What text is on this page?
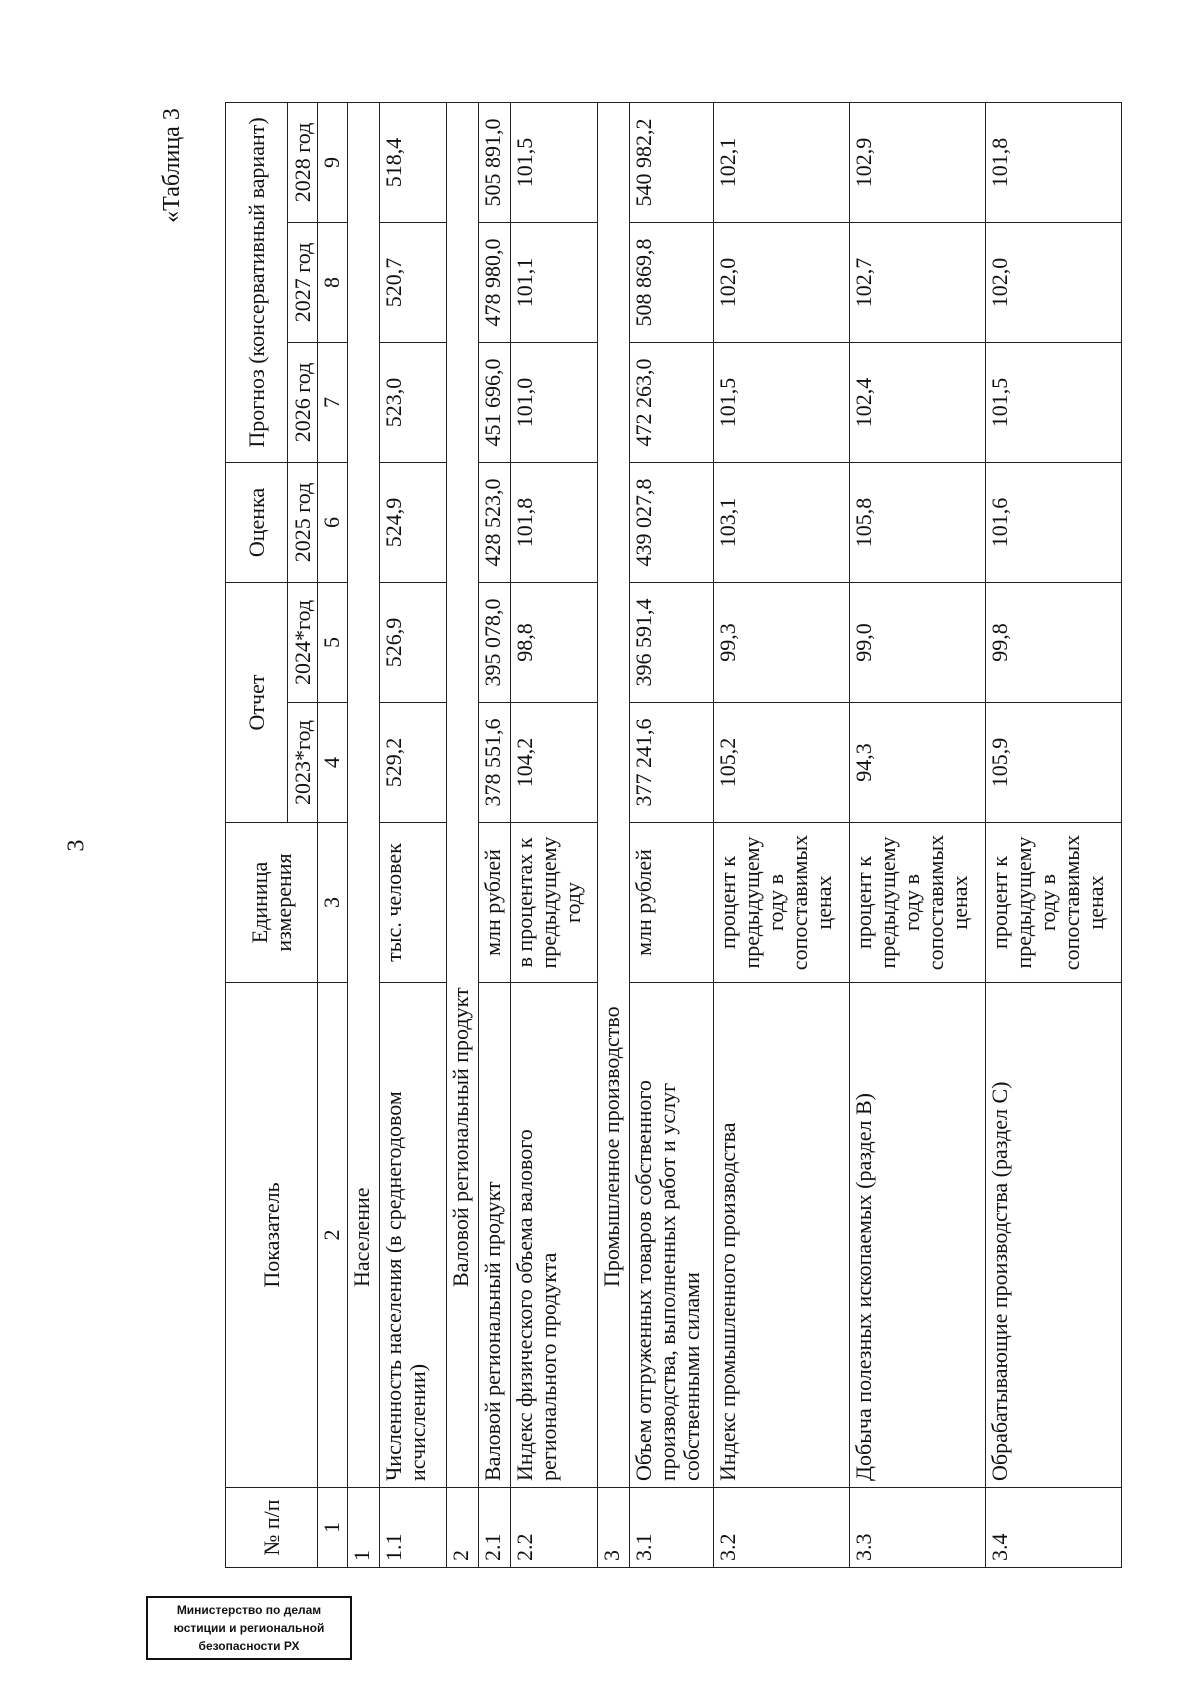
3
«Таблица 3
Министерство по делам
юстиции и региональной
безопасности РХ
№ п/п	Показатель	Единица измерения	Отчет		Оценка	Прогноз (консервативный вариант)		
			2023*год	2024*год	2025 год	2026 год	2027 год	2028 год
1	2	3	4	5	6	7	8	9
1	Население							
1.1	Численность населения (в среднегодовом исчислении)	тыс. человек	529,2	526,9	524,9	523,0	520,7	518,4
2	Валовой региональный продукт							
2.1	Валовой региональный продукт	млн рублей	378 551,6	395 078,0	428 523,0	451 696,0	478 980,0	505 891,0
2.2	Индекс физического объема валового регионального продукта	в процентах к предыдущему году	104,2	98,8	101,8	101,0	101,1	101,5
3	Промышленное производство							
3.1	Объем отгруженных товаров собственного производства, выполненных работ и услуг собственными силами	млн рублей	377 241,6	396 591,4	439 027,8	472 263,0	508 869,8	540 982,2
3.2	Индекс промышленного производства	процент к предыдущему году в сопоставимых ценах	105,2	99,3	103,1	101,5	102,0	102,1
3.3	Добыча полезных ископаемых (раздел B)	процент к предыдущему году в сопоставимых ценах	94,3	99,0	105,8	102,4	102,7	102,9
3.4	Обрабатывающие производства (раздел C)	процент к предыдущему году в сопоставимых ценах	105,9	99,8	101,6	101,5	102,0	101,8
